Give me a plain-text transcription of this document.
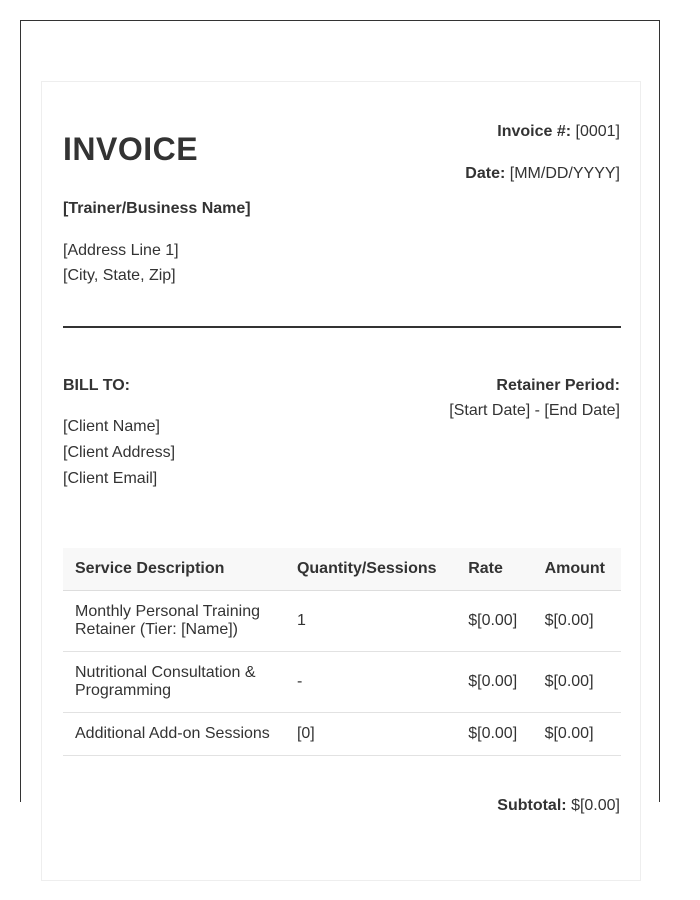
INVOICE	Invoice #: [0001]
Date: [MM/DD/YYYY]
[Trainer/Business Name]
[Address Line 1]
[City, State, Zip]
BILL TO:
[Client Name]
[Client Address]
[Client Email]
Retainer Period:
[Start Date] - [End Date]
Service Description	Quantity/Sessions	Rate	Amount
Monthly Personal Training Retainer (Tier: [Name])	1	$[0.00]	$[0.00]
Nutritional Consultation & Programming	-	$[0.00]	$[0.00]
Additional Add-on Sessions	[0]	$[0.00]	$[0.00]
Subtotal: $[0.00]
